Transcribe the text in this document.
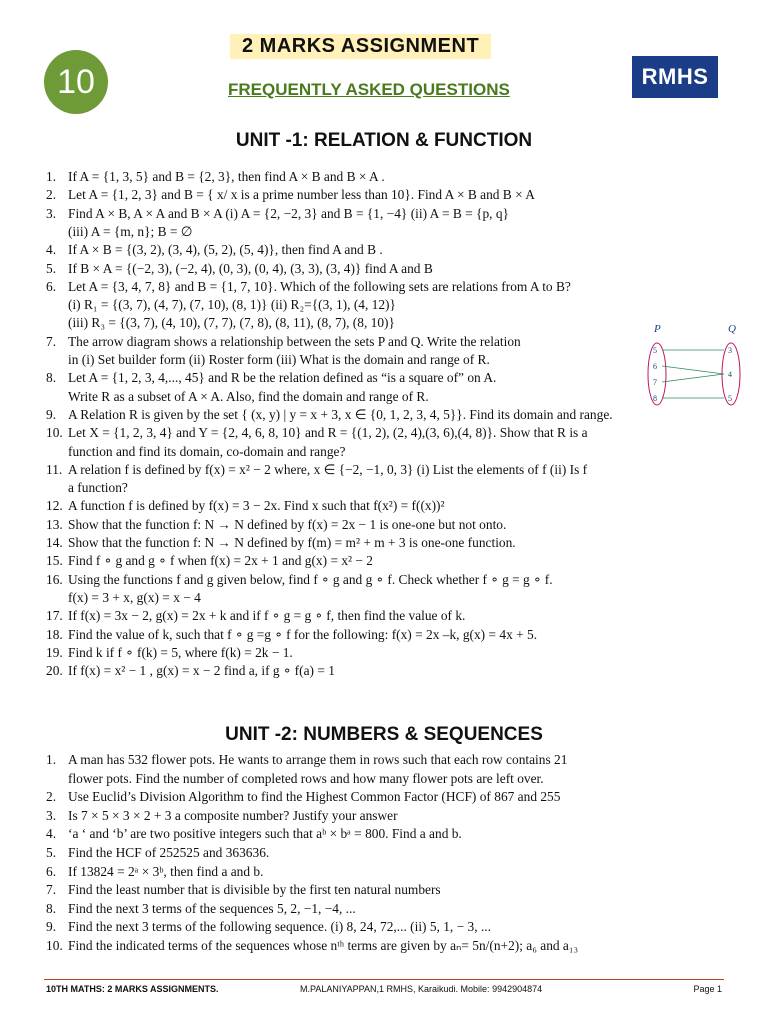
10
2 MARKS ASSIGNMENT
FREQUENTLY ASKED QUESTIONS
RMHS
UNIT -1: RELATION & FUNCTION
1. If A = {1, 3, 5} and B = {2, 3}, then find A × B and B × A .
2. Let A = {1, 2, 3} and B = { x/ x is a prime number less than 10}. Find A × B and B × A
3. Find A × B, A × A and B × A (i) A = {2, −2, 3} and B = {1, −4} (ii) A = B = {p, q}
(iii) A = {m, n}; B = ∅
4. If A × B = {(3, 2), (3, 4), (5, 2), (5, 4)}, then find A and B .
5. If B × A = {(−2, 3), (−2, 4), (0, 3), (0, 4), (3, 3), (3, 4)} find A and B
6. Let A = {3, 4, 7, 8} and B = {1, 7, 10}. Which of the following sets are relations from A to B?
(i) R₁ = {(3, 7), (4, 7), (7, 10), (8, 1)} (ii) R₂={(3, 1), (4, 12)}
(iii) R₃ = {(3, 7), (4, 10), (7, 7), (7, 8), (8, 11), (8, 7), (8, 10)}
7. The arrow diagram shows a relationship between the sets P and Q. Write the relation
in (i) Set builder form (ii) Roster form (iii) What is the domain and range of R.
8. Let A = {1, 2, 3, 4,..., 45} and R be the relation defined as “is a square of” on A.
Write R as a subset of A × A. Also, find the domain and range of R.
9. A Relation R is given by the set { (x, y) | y = x + 3, x ∈ {0, 1, 2, 3, 4, 5}}. Find its domain and range.
10. Let X = {1, 2, 3, 4} and Y = {2, 4, 6, 8, 10} and R = {(1, 2), (2, 4),(3, 6),(4, 8)}. Show that R is a
function and find its domain, co-domain and range?
11. A relation f is defined by f(x) = x² − 2 where, x ∈ {−2, −1, 0, 3} (i) List the elements of f (ii) Is f
a function?
12. A function f is defined by f(x) = 3 − 2x. Find x such that f(x²) = f((x))²
13. Show that the function f: N → N defined by f(x) = 2x − 1 is one-one but not onto.
14. Show that the function f: N → N defined by f(m) = m² + m + 3 is one-one function.
15. Find f ∘ g and g ∘ f when f(x) = 2x + 1 and g(x) = x² − 2
16. Using the functions f and g given below, find f ∘ g and g ∘ f. Check whether f ∘ g = g ∘ f.
f(x) = 3 + x, g(x) = x − 4
17. If f(x) = 3x − 2, g(x) = 2x + k and if f ∘ g = g ∘ f, then find the value of k.
18. Find the value of k, such that f ∘ g =g ∘ f for the following: f(x) = 2x –k, g(x) = 4x + 5.
19. Find k if f ∘ f(k) = 5, where f(k) = 2k − 1.
20. If f(x) = x² − 1 , g(x) = x − 2 find a, if g ∘ f(a) = 1
UNIT -2: NUMBERS & SEQUENCES
1. A man has 532 flower pots. He wants to arrange them in rows such that each row contains 21
flower pots. Find the number of completed rows and how many flower pots are left over.
2. Use Euclid’s Division Algorithm to find the Highest Common Factor (HCF) of 867 and 255
3. Is 7 × 5 × 3 × 2 + 3 a composite number? Justify your answer
4. ‘a ‘ and ‘b’ are two positive integers such that aᵇ × bᵃ = 800. Find a and b.
5. Find the HCF of 252525 and 363636.
6. If 13824 = 2ᵃ × 3ᵇ, then find a and b.
7. Find the least number that is divisible by the first ten natural numbers
8. Find the next 3 terms of the sequences 5, 2, −1, −4, ...
9. Find the next 3 terms of the following sequence. (i) 8, 24, 72,... (ii) 5, 1, − 3, ...
10. Find the indicated terms of the sequences whose nᵗʰ terms are given by aₙ= 5n/(n+2); a₆ and a₁₃
P	Q
5
6
7
8
3
4
5
10TH MATHS: 2 MARKS ASSIGNMENTS.	M.PALANIYAPPAN,1 RMHS, Karaikudi. Mobile: 9942904874	Page 1
